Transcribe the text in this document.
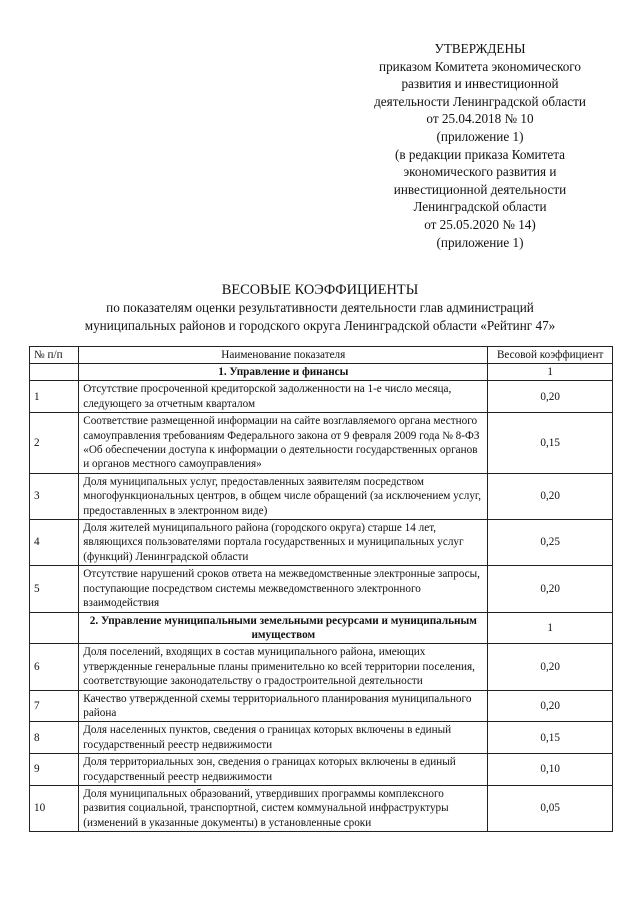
УТВЕРЖДЕНЫ
приказом Комитета экономического
развития и инвестиционной
деятельности Ленинградской области
от 25.04.2018 № 10
(приложение 1)
(в редакции приказа Комитета
экономического развития и
инвестиционной деятельности
Ленинградской области
от 25.05.2020 № 14)
(приложение 1)
ВЕСОВЫЕ КОЭФФИЦИЕНТЫ
по показателям оценки результативности деятельности глав администраций
муниципальных районов и городского округа Ленинградской области «Рейтинг 47»
№ п/п	Наименование показателя	Весовой коэффициент
	1. Управление и финансы	1
1	Отсутствие просроченной кредиторской задолженности на 1-е число месяца, следующего за отчетным кварталом	0,20
2	Соответствие размещенной информации на сайте возглавляемого органа местного самоуправления требованиям Федерального закона от 9 февраля 2009 года № 8-ФЗ «Об обеспечении доступа к информации о деятельности государственных органов и органов местного самоуправления»	0,15
3	Доля муниципальных услуг, предоставленных заявителям посредством многофункциональных центров, в общем числе обращений (за исключением услуг, предоставленных в электронном виде)	0,20
4	Доля жителей муниципального района (городского округа) старше 14 лет, являющихся пользователями портала государственных и муниципальных услуг (функций) Ленинградской области	0,25
5	Отсутствие нарушений сроков ответа на межведомственные электронные запросы, поступающие посредством системы межведомственного электронного взаимодействия	0,20
	2. Управление муниципальными земельными ресурсами и муниципальным имуществом	1
6	Доля поселений, входящих в состав муниципального района, имеющих утвержденные генеральные планы применительно ко всей территории поселения, соответствующие законодательству о градостроительной деятельности	0,20
7	Качество утвержденной схемы территориального планирования муниципального района	0,20
8	Доля населенных пунктов, сведения о границах которых включены в единый государственный реестр недвижимости	0,15
9	Доля территориальных зон, сведения о границах которых включены в единый государственный реестр недвижимости	0,10
10	Доля муниципальных образований, утвердивших программы комплексного развития социальной, транспортной, систем коммунальной инфраструктуры (изменений в указанные документы) в установленные сроки	0,05
